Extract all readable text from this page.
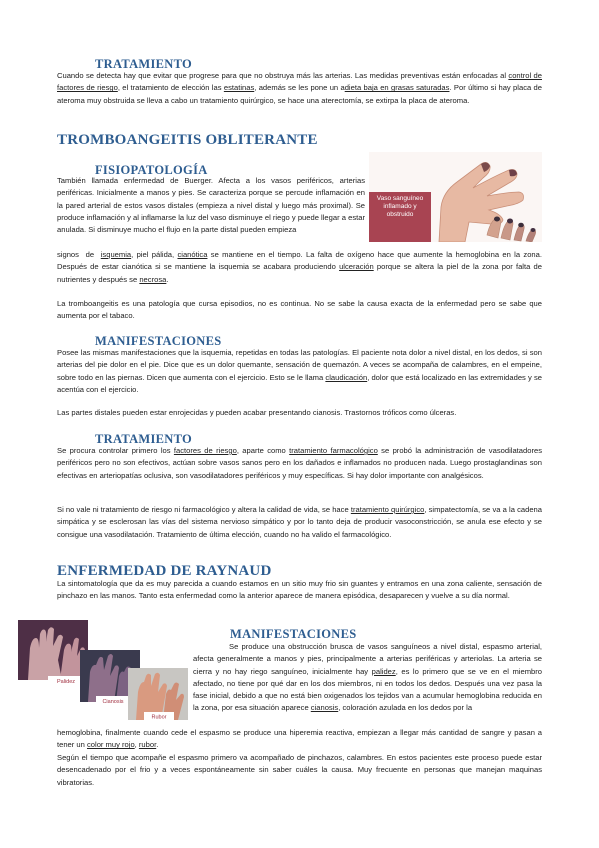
TRATAMIENTO

Cuando se detecta hay que evitar que progrese para que no obstruya más las arterias. Las medidas preventivas están enfocadas al control de factores de riesgo, el tratamiento de elección las estatinas, además se les pone un adieta baja en grasas saturadas. Por último si hay placa de ateroma muy obstruida se lleva a cabo un tratamiento quirúrgico, se hace una aterectomía, se extirpa la placa de ateroma.

TROMBOANGEITIS OBLITERANTE
FISIOPATOLOGÍA

También llamada enfermedad de Buerger. Afecta a los vasos periféricos, arterias periféricas. Inicialmente a manos y pies. Se caracteriza porque se percude inflamación en la pared arterial de estos vasos distales (empieza a nivel distal y luego más proximal). Se produce inflamación y al inflamarse la luz del vaso disminuye el riego y puede llegar a estar anulada. Si disminuye mucho el flujo en la parte distal pueden empieza

signos  de  isquemia, piel pálida, cianótica se mantiene en el tiempo. La falta de oxígeno hace que aumente la hemoglobina en la zona. Después de estar cianótica si se mantiene la isquemia se acabara produciendo ulceración porque se altera la piel de la zona por falta de nutrientes y después se necrosa.

Vaso sanguíneo inflamado y obstruido

La tromboangeitis es una patología que cursa episodios, no es continua. No se sabe la causa exacta de la enfermedad pero se sabe que aumenta por el tabaco.

MANIFESTACIONES

Posee las mismas manifestaciones que la isquemia, repetidas en todas las patologías. El paciente nota dolor a nivel distal, en los dedos, si son arterias del pie dolor en el pie. Dice que es un dolor quemante, sensación de quemazón. A veces se acompaña de calambres, en el empeine, sobre todo en las piernas. Dicen que aumenta con el ejercicio. Esto se le llama claudicación, dolor que está localizado en las extremidades y se acentúa con el ejercicio.

Las partes distales pueden estar enrojecidas y pueden acabar presentando cianosis. Trastornos tróficos como úlceras.

TRATAMIENTO

Se procura controlar primero los factores de riesgo, aparte como tratamiento farmacológico se probó la administración de vasodilatadores periféricos pero no son efectivos, actúan sobre vasos sanos pero en los dañados e inflamados no producen nada. Luego prostaglandinas son efectivas en arteriopatías oclusiva, son vasodilatadores periféricos y muy específicas. Si hay dolor importante con analgésicos.

Si no vale ni tratamiento de riesgo ni farmacológico y altera la calidad de vida, se hace tratamiento quirúrgico, simpatectomía, se va a la cadena simpática y se esclerosan las vías del sistema nervioso simpático y por lo tanto deja de producir vasoconstricción, se anula ese efecto y se consigue una vasodilatación. Tratamiento de última elección, cuando no ha valido el farmacológico.

ENFERMEDAD DE RAYNAUD

La sintomatología que da es muy parecida a cuando estamos en un sitio muy frio sin guantes y entramos en una zona caliente, sensación de pinchazo en las manos. Tanto esta enfermedad como la anterior aparece de manera episódica, desaparecen y vuelve a su día normal.

Palidez
Cianosis
Rubor
MANIFESTACIONES

Se produce una obstrucción brusca de vasos sanguíneos a nivel distal, espasmo arterial, afecta generalmente a manos y pies, principalmente a arterias periféricas y arteriolas. La arteria se cierra y no hay riego sanguíneo, inicialmente hay palidez, es lo primero que se ve en el miembro afectado, no tiene por qué dar en los dos miembros, ni en todos los dedos. Después una vez pasa la fase inicial, debido a que no está bien oxigenados los tejidos van a acumular hemoglobina reducida en la zona, por esa situación aparece cianosis, coloración azulada en los dedos por la

hemoglobina, finalmente cuando cede el espasmo se produce una hiperemia reactiva, empiezan a llegar más cantidad de sangre y pasan a tener un color muy rojo, rubor.

Según el tiempo que acompañe el espasmo primero va acompañado de pinchazos, calambres. En estos pacientes este proceso puede estar desencadenado por el frio y a veces espontáneamente sin saber cuáles la causa. Muy frecuente en personas que manejan maquinas vibratorias.
